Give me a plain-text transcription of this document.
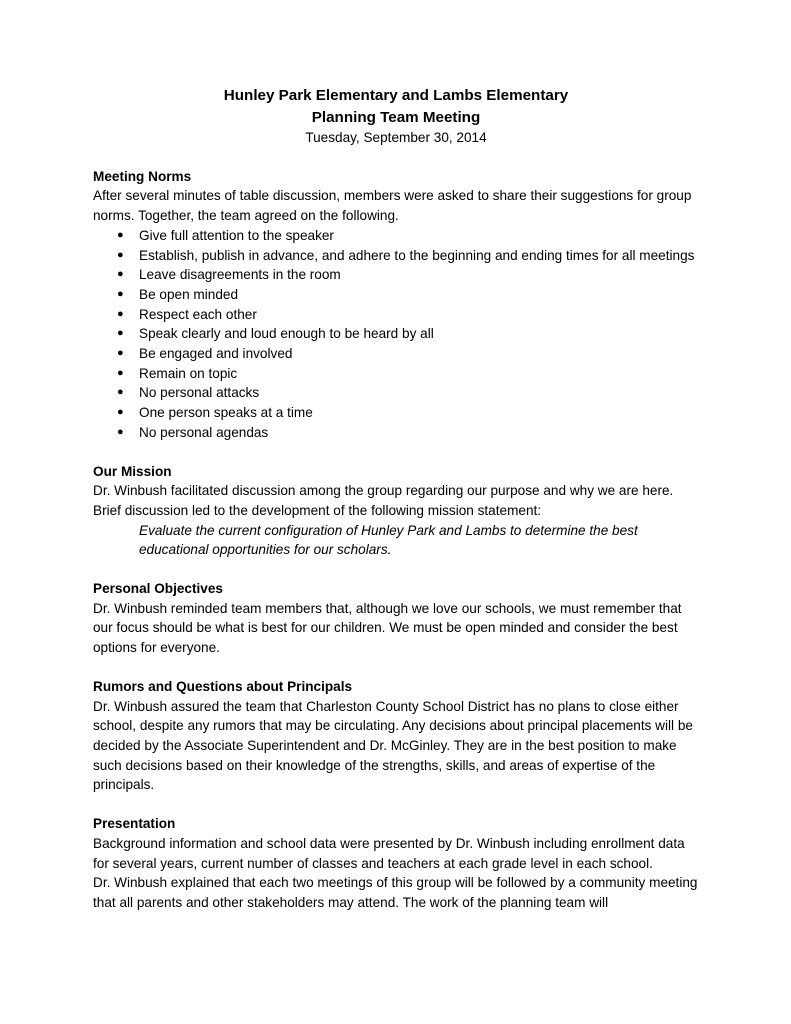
Hunley Park Elementary and Lambs Elementary
Planning Team Meeting
Tuesday, September 30, 2014
Meeting Norms

After several minutes of table discussion, members were asked to share their suggestions for group norms. Together, the team agreed on the following.

● Give full attention to the speaker
● Establish, publish in advance, and adhere to the beginning and ending times for all meetings
● Leave disagreements in the room
● Be open minded
● Respect each other
● Speak clearly and loud enough to be heard by all
● Be engaged and involved
● Remain on topic
● No personal attacks
● One person speaks at a time
● No personal agendas
Our Mission

Dr. Winbush facilitated discussion among the group regarding our purpose and why we are here. Brief discussion led to the development of the following mission statement:

Evaluate the current configuration of Hunley Park and Lambs to determine the best educational opportunities for our scholars.

Personal Objectives

Dr. Winbush reminded team members that, although we love our schools, we must remember that our focus should be what is best for our children. We must be open minded and consider the best options for everyone.

Rumors and Questions about Principals

Dr. Winbush assured the team that Charleston County School District has no plans to close either school, despite any rumors that may be circulating. Any decisions about principal placements will be decided by the Associate Superintendent and Dr. McGinley. They are in the best position to make such decisions based on their knowledge of the strengths, skills, and areas of expertise of the principals.

Presentation

Background information and school data were presented by Dr. Winbush including enrollment data for several years, current number of classes and teachers at each grade level in each school.

Dr. Winbush explained that each two meetings of this group will be followed by a community meeting that all parents and other stakeholders may attend. The work of the planning team will
